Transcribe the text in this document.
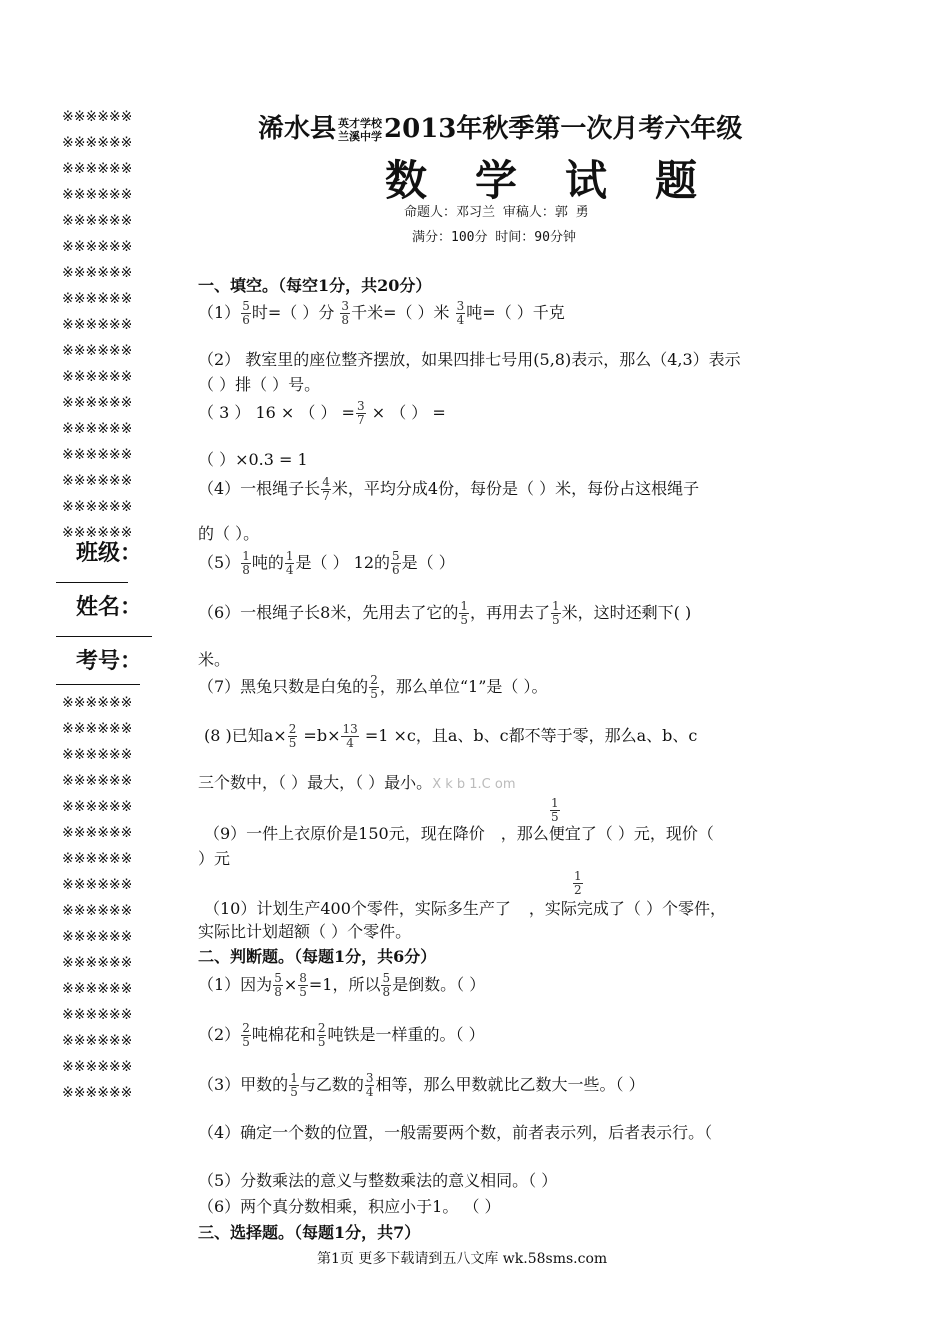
※※※※※※
※※※※※※
※※※※※※
※※※※※※
※※※※※※
※※※※※※
※※※※※※
※※※※※※
※※※※※※
※※※※※※
※※※※※※
※※※※※※
※※※※※※
※※※※※※
※※※※※※
※※※※※※
※※※※※※
班级：
姓名：
考号：
※※※※※※
※※※※※※
※※※※※※
※※※※※※
※※※※※※
※※※※※※
※※※※※※
※※※※※※
※※※※※※
※※※※※※
※※※※※※
※※※※※※
※※※※※※
※※※※※※
※※※※※※
※※※※※※
浠水县 英才学校
兰溪中学 2013年秋季第一次月考六年级
数学试题
命题人：邓习兰 审稿人：郭 勇
满分：100分 时间：90分钟
一、填空。（每空1分，共20分）
$(1) \frac{5}{6}$ 时=（ ）分 $\frac{3}{8}$ 千米=（ ）米 $\frac{3}{4}$ 吨=（ ）千克
（2） 教室里的座位整齐摆放，如果四排七号用(5,8)表示，那么（4,3）表示
（ ）排（ ）号。
（ 3 ） 16 × （ ） = $\frac{3}{7}$ × （ ） =
（ ）×0.3 = 1
（4）一根绳子长 $\frac{4}{7}$ 米，平均分成4份，每份是（ ）米，每份占这根绳子
的（ ）。
$(5) \frac{1}{8}$ 吨的 $\frac{1}{4}$ 是（ ） 12的 $\frac{5}{6}$ 是（ ）
（6）一根绳子长8米，先用去了它的 $\frac{1}{5}$ ，再用去了 $\frac{1}{5}$ 米，这时还剩下( )
米。
（7）黑兔只数是白兔的 $\frac{2}{5}$ ，那么单位“1”是（ ）。
(8 )已知$a\times \frac{2}{5} =b\times \frac{13}{4} =1 \times c$，且a、b、c都不等于零，那么a、b、c
三个数中，（ ）最大，（ ）最小。X k b 1.C om
$\frac{1}{5}$
（9）一件上衣原价是150元，现在降价 ，那么便宜了（ ）元，现价（
）元
$\frac{1}{2}$
（10）计划生产400个零件，实际多生产了 ，实际完成了（ ）个零件，
实际比计划超额（ ）个零件。
二、判断题。（每题1分，共6分）
（1）因为 $\frac{5}{8} \times \frac{8}{5} =1$，所以 $\frac{5}{8}$ 是倒数。（ ）
$(2) \frac{2}{5}$ 吨棉花和 $\frac{2}{5}$ 吨铁是一样重的。（ ）
（3）甲数的 $\frac{1}{5}$ 与乙数的 $\frac{3}{4}$ 相等，那么甲数就比乙数大一些。（ ）
（4）确定一个数的位置，一般需要两个数，前者表示列，后者表示行。（
（5）分数乘法的意义与整数乘法的意义相同。（ ）
（6）两个真分数相乘，积应小于1。 （ ）
三、选择题。（每题1分，共7）
第1页 更多下载请到五八文库 wk.58sms.com
